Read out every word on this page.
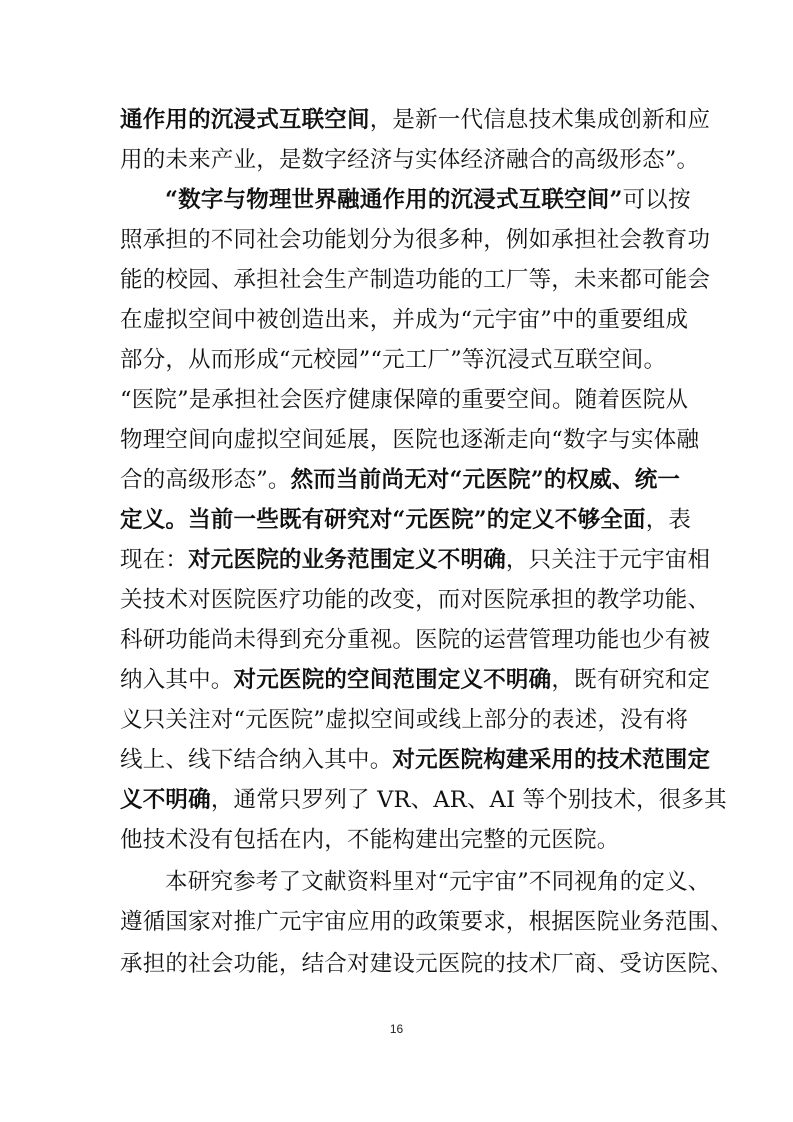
通作用的沉浸式互联空间，是新一代信息技术集成创新和应
用的未来产业，是数字经济与实体经济融合的高级形态”。
“数字与物理世界融通作用的沉浸式互联空间”可以按
照承担的不同社会功能划分为很多种，例如承担社会教育功
能的校园、承担社会生产制造功能的工厂等，未来都可能会
在虚拟空间中被创造出来，并成为“元宇宙”中的重要组成
部分，从而形成“元校园”“元工厂”等沉浸式互联空间。
“医院”是承担社会医疗健康保障的重要空间。随着医院从
物理空间向虚拟空间延展，医院也逐渐走向“数字与实体融
合的高级形态”。然而当前尚无对“元医院”的权威、统一
定义。当前一些既有研究对“元医院”的定义不够全面，表
现在：对元医院的业务范围定义不明确，只关注于元宇宙相
关技术对医院医疗功能的改变，而对医院承担的教学功能、
科研功能尚未得到充分重视。医院的运营管理功能也少有被
纳入其中。对元医院的空间范围定义不明确，既有研究和定
义只关注对“元医院”虚拟空间或线上部分的表述，没有将
线上、线下结合纳入其中。对元医院构建采用的技术范围定
义不明确，通常只罗列了 VR、AR、AI 等个别技术，很多其
他技术没有包括在内，不能构建出完整的元医院。
本研究参考了文献资料里对“元宇宙”不同视角的定义、
遵循国家对推广元宇宙应用的政策要求，根据医院业务范围、
承担的社会功能，结合对建设元医院的技术厂商、受访医院、
16
